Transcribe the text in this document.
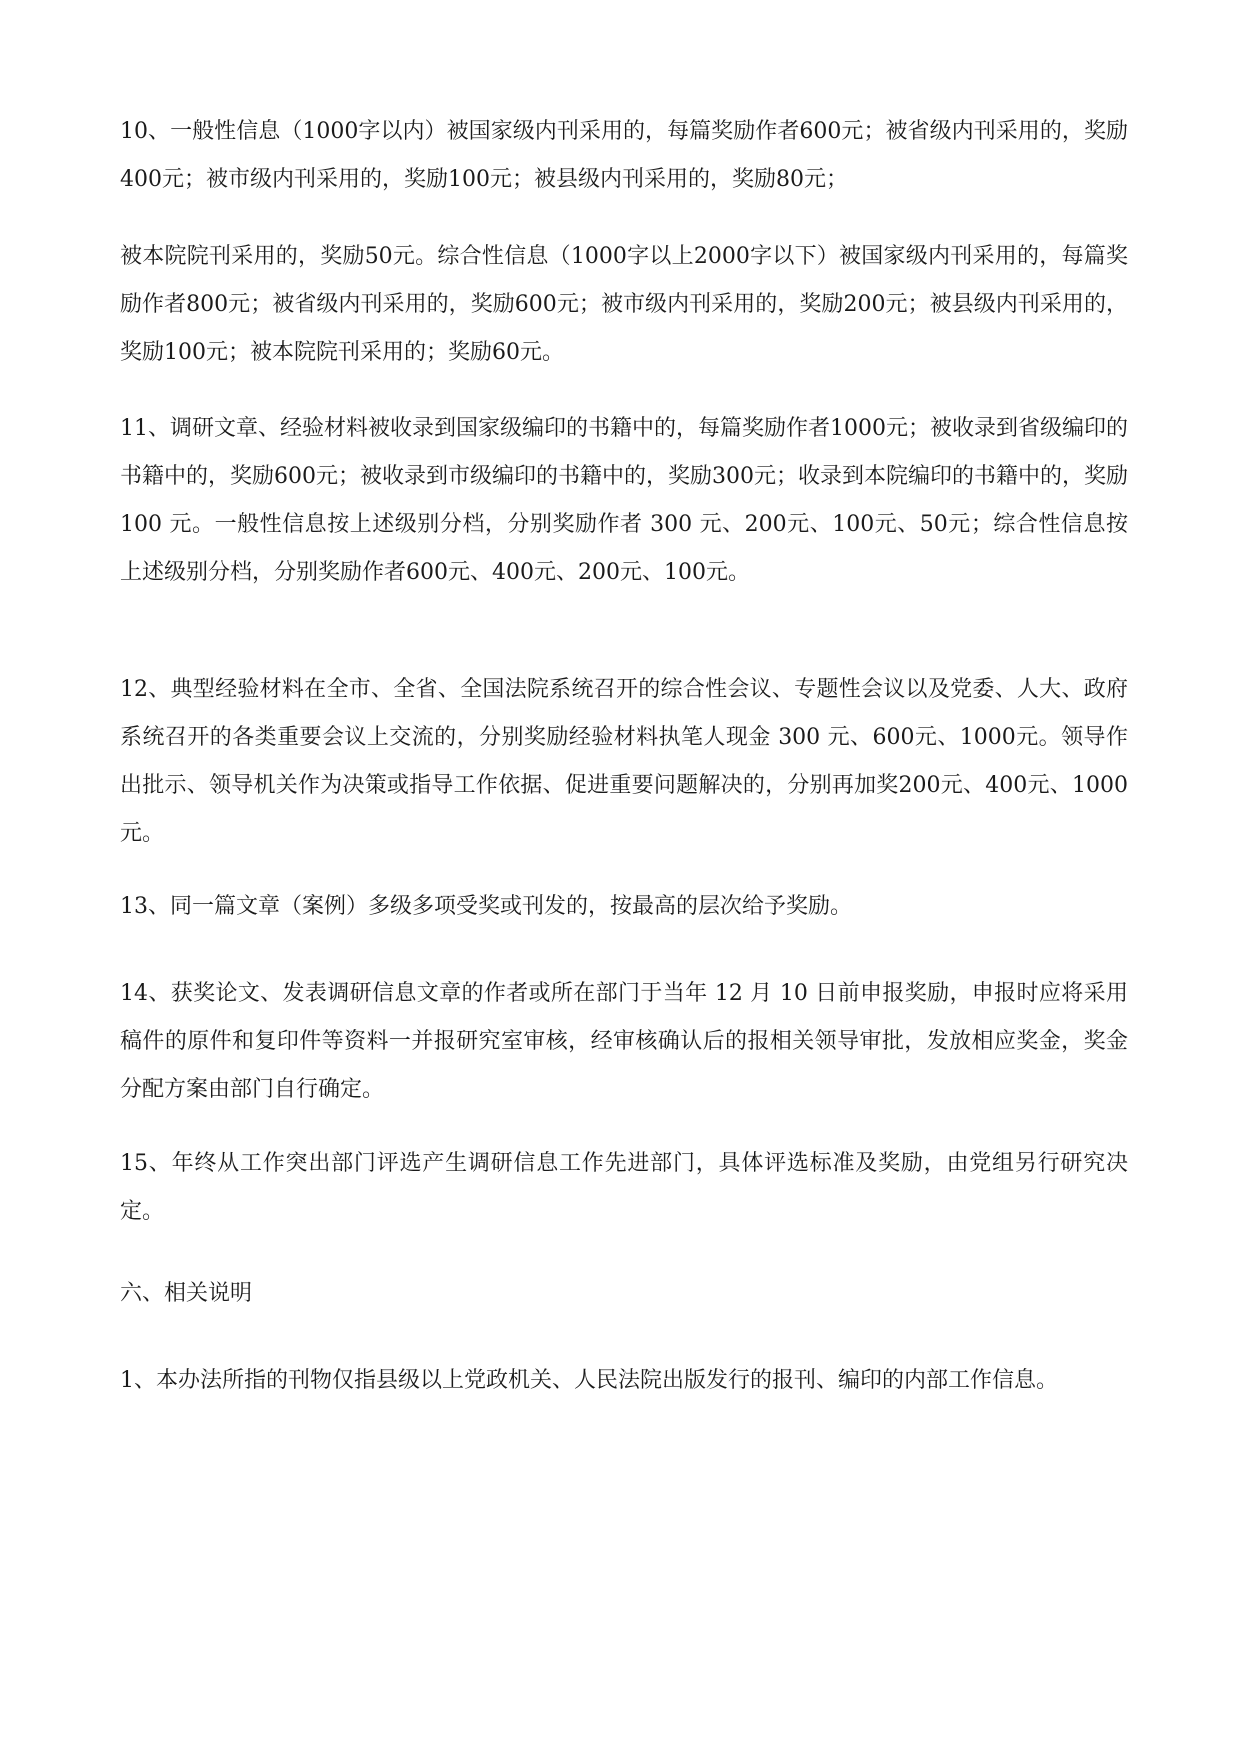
10、一般性信息（1000字以内）被国家级内刊采用的，每篇奖励作者600元；被省级内刊采用的，奖励400元；被市级内刊采用的，奖励100元；被县级内刊采用的，奖励80元；

被本院院刊采用的，奖励50元。综合性信息（1000字以上2000字以下）被国家级内刊采用的，每篇奖励作者800元；被省级内刊采用的，奖励600元；被市级内刊采用的，奖励200元；被县级内刊采用的，奖励100元；被本院院刊采用的；奖励60元。

11、调研文章、经验材料被收录到国家级编印的书籍中的，每篇奖励作者1000元；被收录到省级编印的书籍中的，奖励600元；被收录到市级编印的书籍中的，奖励300元；收录到本院编印的书籍中的，奖励 100 元。一般性信息按上述级别分档，分别奖励作者 300 元、200元、100元、50元；综合性信息按上述级别分档，分别奖励作者600元、400元、200元、100元。

12、典型经验材料在全市、全省、全国法院系统召开的综合性会议、专题性会议以及党委、人大、政府系统召开的各类重要会议上交流的，分别奖励经验材料执笔人现金 300 元、600元、1000元。领导作出批示、领导机关作为决策或指导工作依据、促进重要问题解决的，分别再加奖200元、400元、1000元。

13、同一篇文章（案例）多级多项受奖或刊发的，按最高的层次给予奖励。

14、获奖论文、发表调研信息文章的作者或所在部门于当年 12 月 10 日前申报奖励，申报时应将采用稿件的原件和复印件等资料一并报研究室审核，经审核确认后的报相关领导审批，发放相应奖金，奖金分配方案由部门自行确定。

15、年终从工作突出部门评选产生调研信息工作先进部门，具体评选标准及奖励，由党组另行研究决定。

六、相关说明

1、本办法所指的刊物仅指县级以上党政机关、人民法院出版发行的报刊、编印的内部工作信息。
